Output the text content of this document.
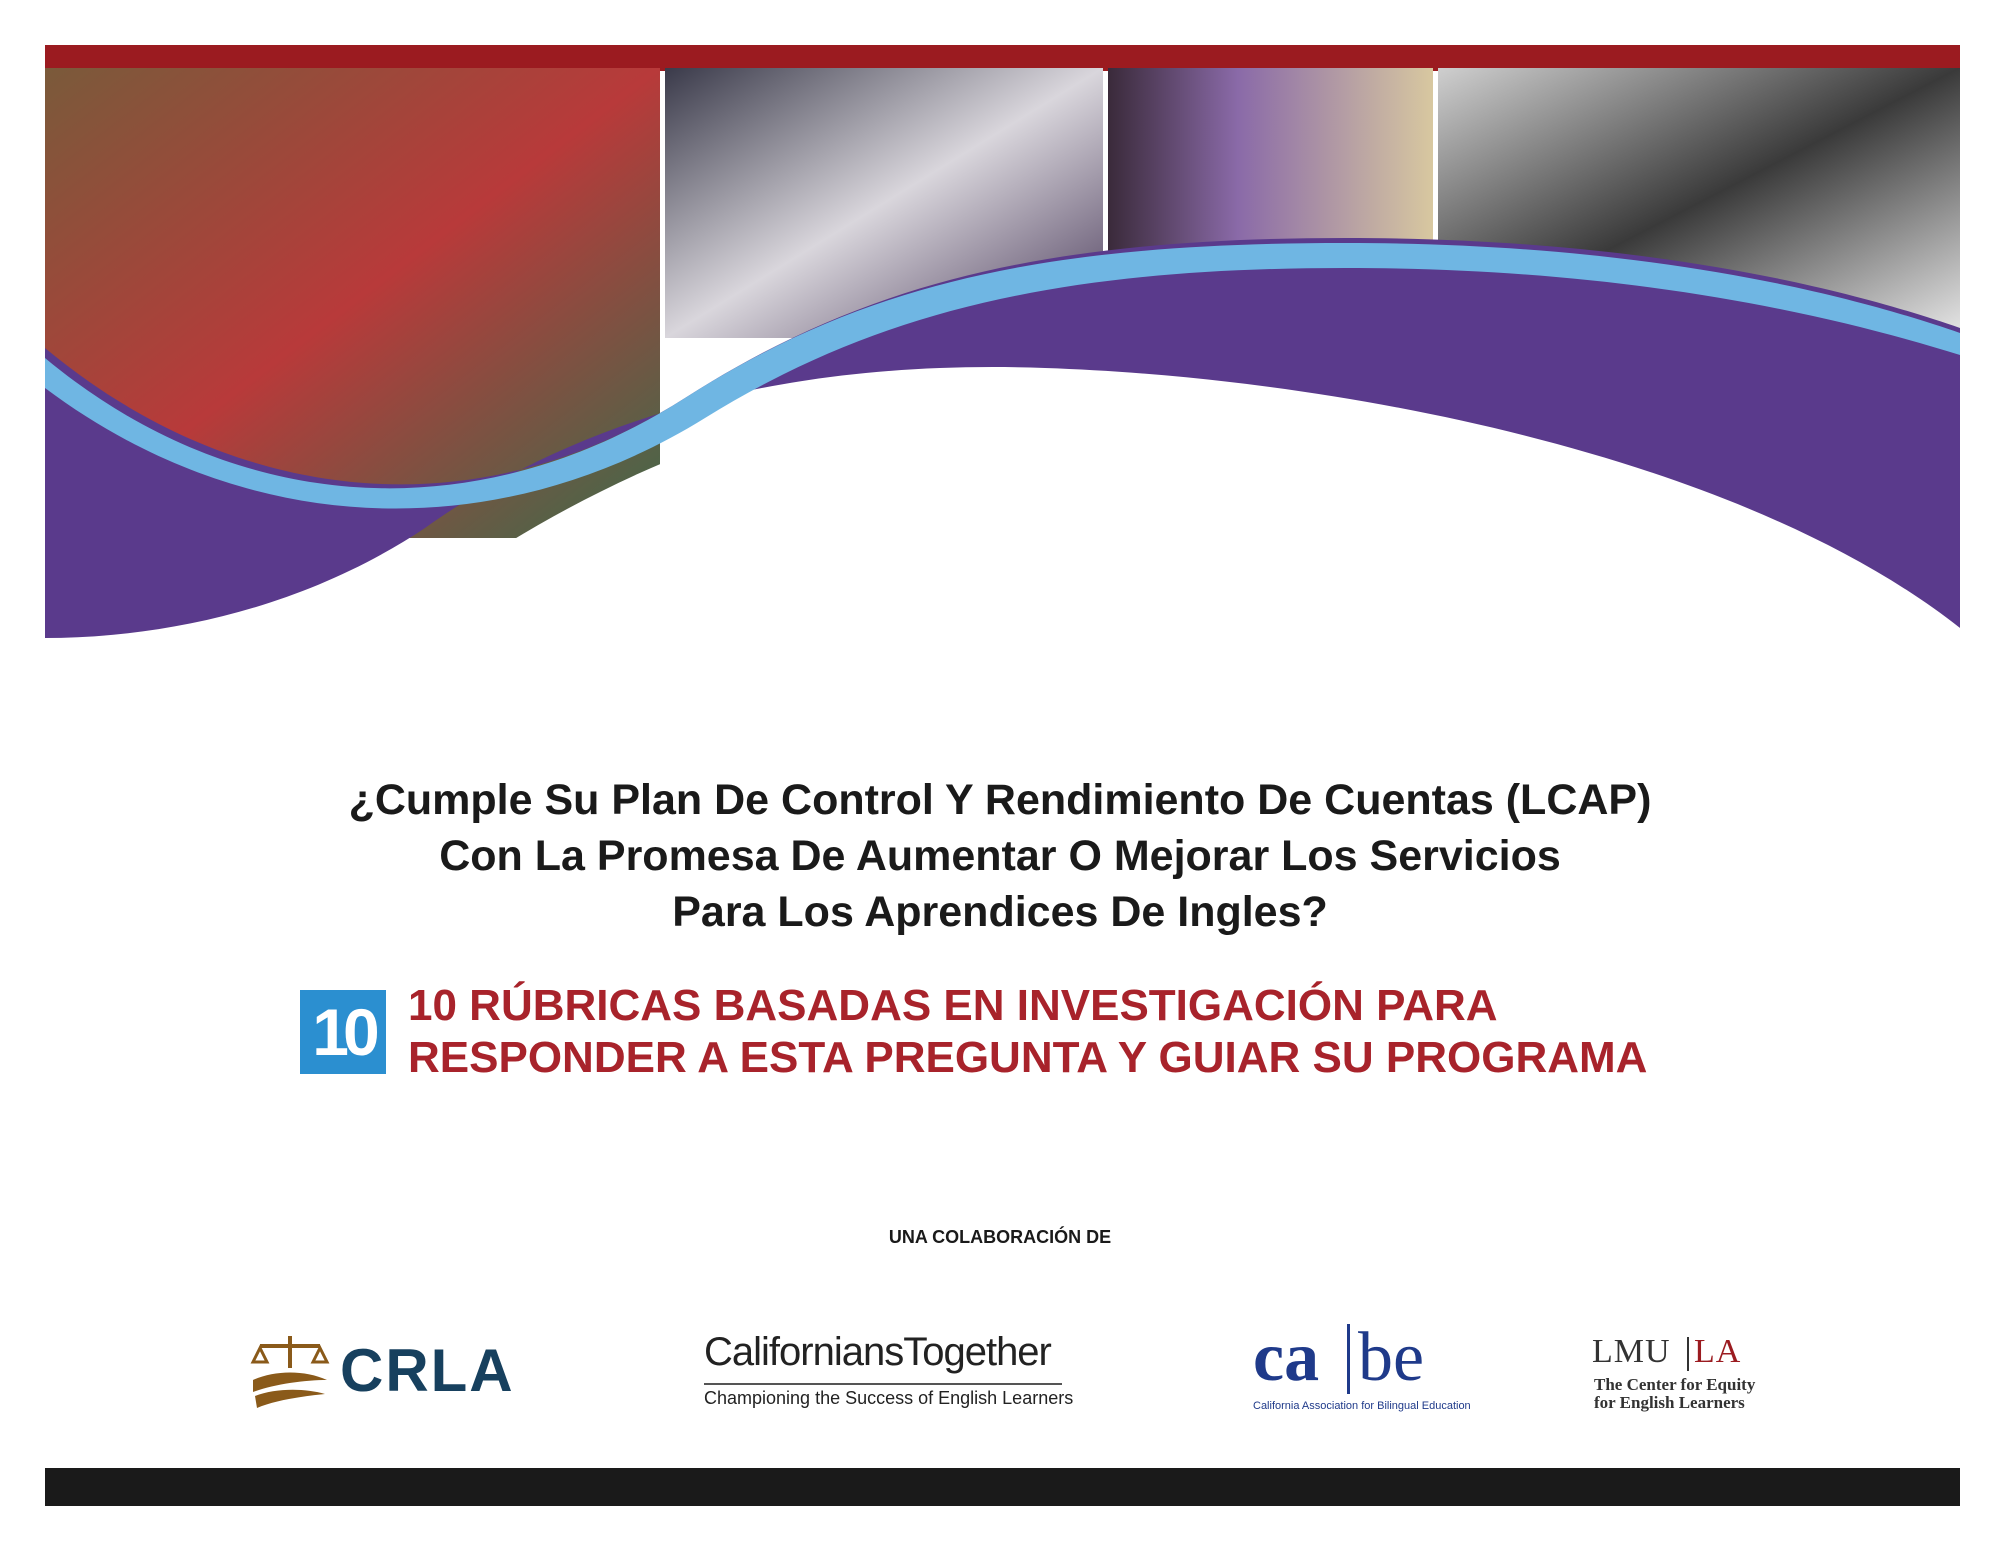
¿Cumple Su Plan De Control Y Rendimiento De Cuentas (LCAP)
Con La Promesa De Aumentar O Mejorar Los Servicios
Para Los Aprendices De Ingles?
10 10 RÚBRICAS BASADAS EN INVESTIGACIÓN PARA
RESPONDER A ESTA PREGUNTA Y GUIAR SU PROGRAMA
UNA COLABORACIÓN DE
CRLA	CaliforniansTogether
Championing the Success of English Learners
ca be
California Association for Bilingual Education
LMU LA
The Center for Equity
for English Learners
